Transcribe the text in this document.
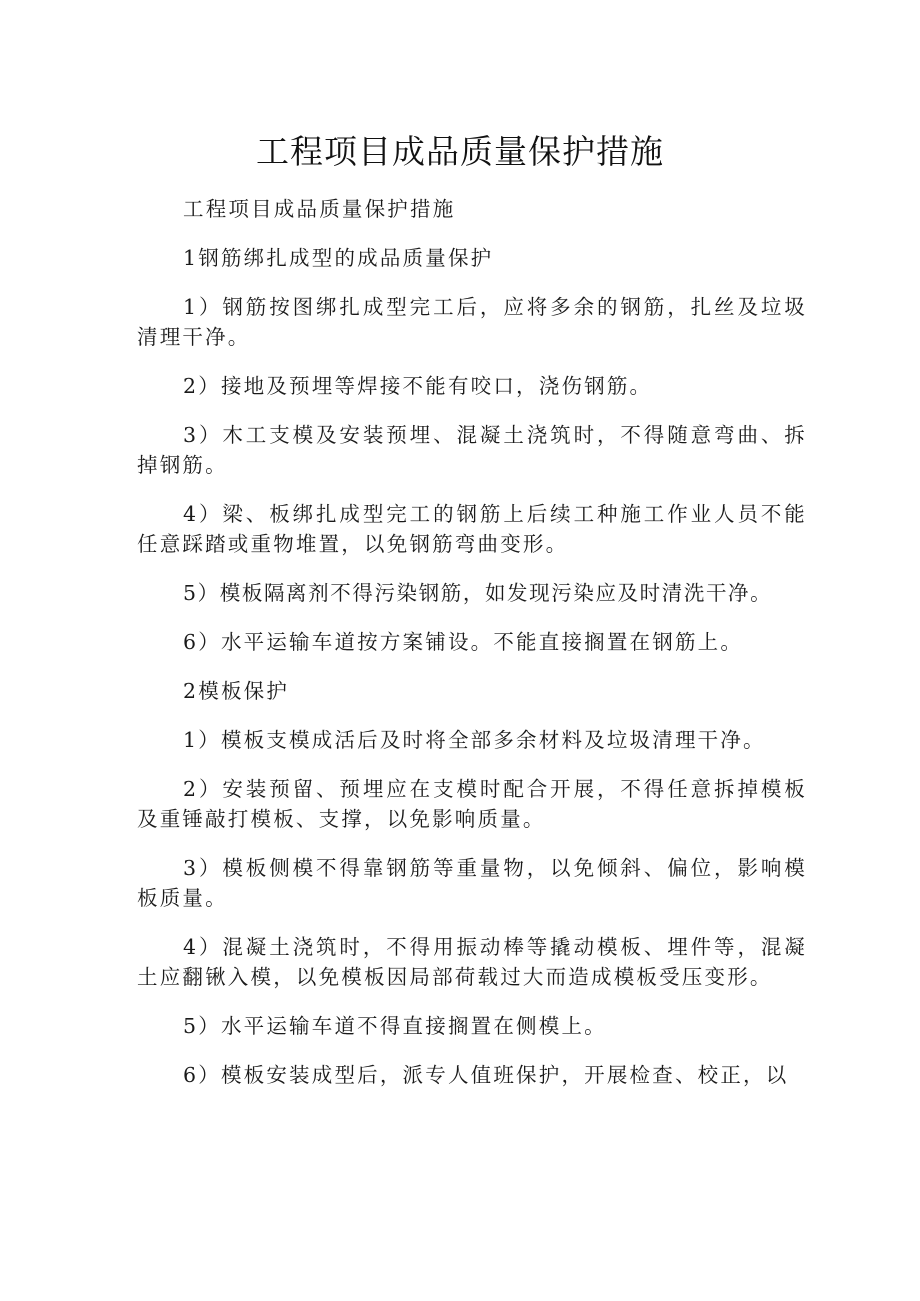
工程项目成品质量保护措施

工程项目成品质量保护措施

1钢筋绑扎成型的成品质量保护

1）钢筋按图绑扎成型完工后，应将多余的钢筋，扎丝及垃圾清理干净。

2）接地及预埋等焊接不能有咬口，浇伤钢筋。

3）木工支模及安装预埋、混凝土浇筑时，不得随意弯曲、拆掉钢筋。

4）梁、板绑扎成型完工的钢筋上后续工种施工作业人员不能任意踩踏或重物堆置，以免钢筋弯曲变形。

5）模板隔离剂不得污染钢筋，如发现污染应及时清洗干净。

6）水平运输车道按方案铺设。不能直接搁置在钢筋上。

2模板保护

1）模板支模成活后及时将全部多余材料及垃圾清理干净。

2）安装预留、预埋应在支模时配合开展，不得任意拆掉模板及重锤敲打模板、支撑，以免影响质量。

3）模板侧模不得靠钢筋等重量物，以免倾斜、偏位，影响模板质量。

4）混凝土浇筑时，不得用振动棒等撬动模板、埋件等，混凝土应翻锹入模，以免模板因局部荷载过大而造成模板受压变形。

5）水平运输车道不得直接搁置在侧模上。

6）模板安装成型后，派专人值班保护，开展检查、校正，以
